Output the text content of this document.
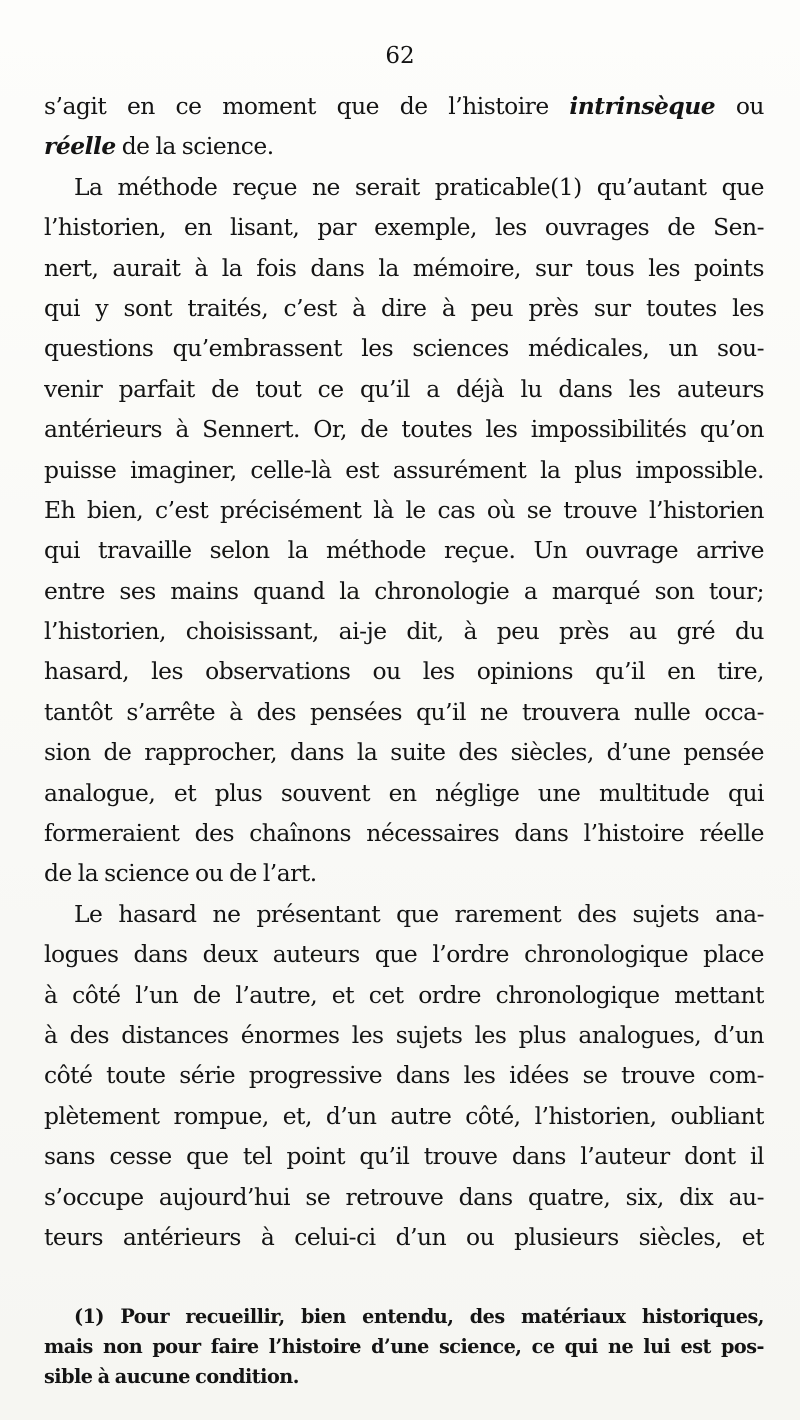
62
s’agit en ce moment que de l’histoire intrinsèque ou
réelle de la science.
La méthode reçue ne serait praticable(1) qu’autant que
l’historien, en lisant, par exemple, les ouvrages de Sen-
nert, aurait à la fois dans la mémoire, sur tous les points
qui y sont traités, c’est à dire à peu près sur toutes les
questions qu’embrassent les sciences médicales, un sou-
venir parfait de tout ce qu’il a déjà lu dans les auteurs
antérieurs à Sennert. Or, de toutes les impossibilités qu’on
puisse imaginer, celle-là est assurément la plus impossible.
Eh bien, c’est précisément là le cas où se trouve l’historien
qui travaille selon la méthode reçue. Un ouvrage arrive
entre ses mains quand la chronologie a marqué son tour;
l’historien, choisissant, ai-je dit, à peu près au gré du
hasard, les observations ou les opinions qu’il en tire,
tantôt s’arrête à des pensées qu’il ne trouvera nulle occa-
sion de rapprocher, dans la suite des siècles, d’une pensée
analogue, et plus souvent en néglige une multitude qui
formeraient des chaînons nécessaires dans l’histoire réelle
de la science ou de l’art.
Le hasard ne présentant que rarement des sujets ana-
logues dans deux auteurs que l’ordre chronologique place
à côté l’un de l’autre, et cet ordre chronologique mettant
à des distances énormes les sujets les plus analogues, d’un
côté toute série progressive dans les idées se trouve com-
plètement rompue, et, d’un autre côté, l’historien, oubliant
sans cesse que tel point qu’il trouve dans l’auteur dont il
s’occupe aujourd’hui se retrouve dans quatre, six, dix au-
teurs antérieurs à celui-ci d’un ou plusieurs siècles, et
(1) Pour recueillir, bien entendu, des matériaux historiques,
mais non pour faire l’histoire d’une science, ce qui ne lui est pos-
sible à aucune condition.
